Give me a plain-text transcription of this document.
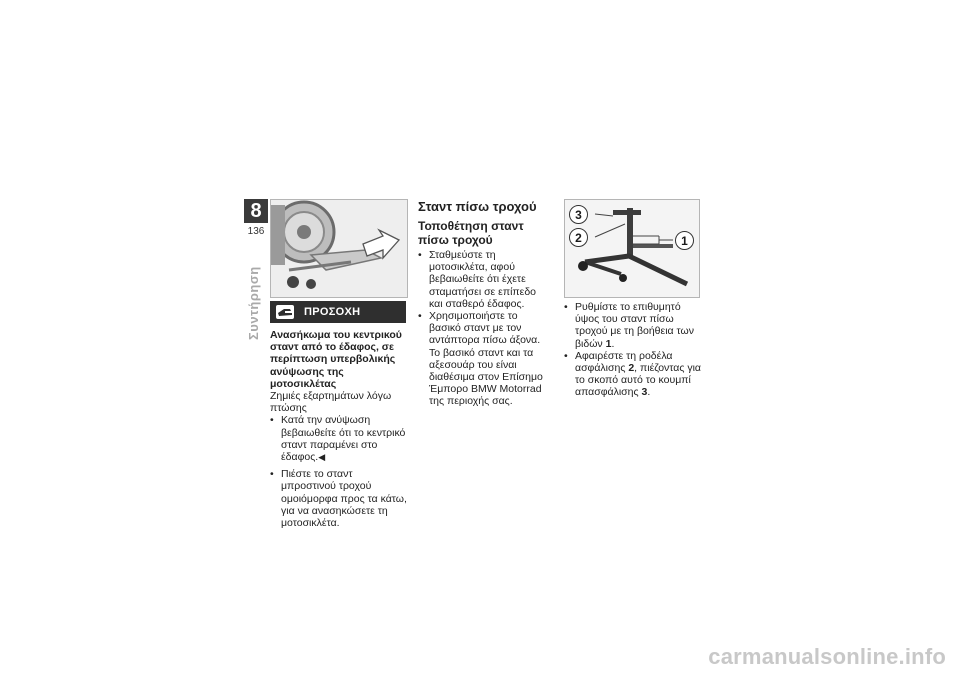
8
136
Συντήρηση	ΠΡΟΣΟΧΗ

Ανασήκωμα του κεντρικού σταντ από το έδαφος, σε περίπτωση υπερβολικής ανύψωσης της μοτοσικλέτας

Ζημιές εξαρτημάτων λόγω πτώσης

• Κατά την ανύψωση βεβαιωθείτε ότι το κεντρικό σταντ παραμένει στο έδαφος.◀
• Πιέστε το σταντ μπροστινού τροχού ομοιόμορφα προς τα κάτω, για να ανασηκώσετε τη μοτοσικλέτα.

Σταντ πίσω τροχού

Τοποθέτηση σταντ πίσω τροχού

• Σταθμεύστε τη μοτοσικλέτα, αφού βεβαιωθείτε ότι έχετε σταματήσει σε επίπεδο και σταθερό έδαφος.
• Χρησιμοποιήστε το βασικό σταντ με τον αντάπτορα πίσω άξονα. Το βασικό σταντ και τα αξεσουάρ του είναι διαθέσιμα στον Επίσημο Έμπορο BMW Motorrad της περιοχής σας.
3
2	1
• Ρυθμίστε το επιθυμητό ύψος του σταντ πίσω τροχού με τη βοήθεια των βιδών 1.
• Αφαιρέστε τη ροδέλα ασφάλισης 2, πιέζοντας για το σκοπό αυτό το κουμπί απασφάλισης 3.
carmanualsonline.info
